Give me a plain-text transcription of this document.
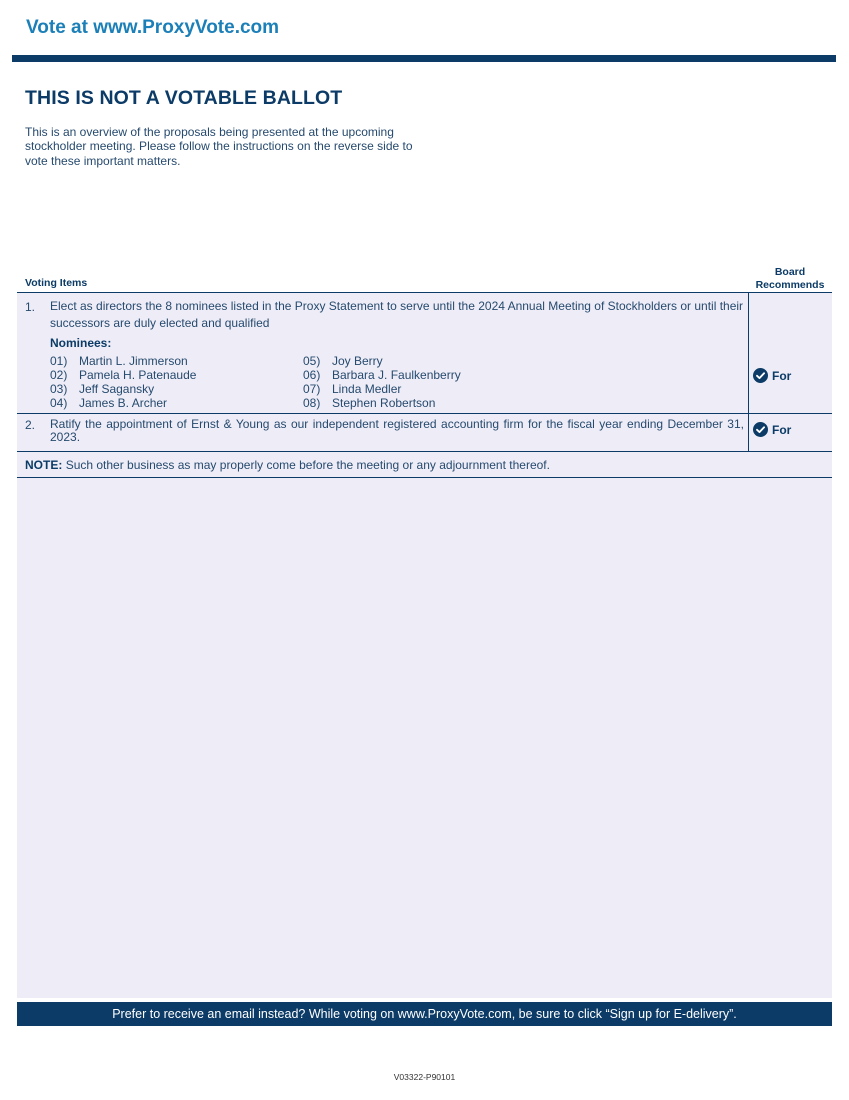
Vote at www.ProxyVote.com
THIS IS NOT A VOTABLE BALLOT
This is an overview of the proposals being presented at the upcoming stockholder meeting. Please follow the instructions on the reverse side to vote these important matters.
Voting Items
Board
Recommends
1. Elect as directors the 8 nominees listed in the Proxy Statement to serve until the 2024 Annual Meeting of Stockholders or until their successors are duly elected and qualified
Nominees:
01) Martin L. Jimmerson
02) Pamela H. Patenaude
03) Jeff Sagansky
04) James B. Archer
05) Joy Berry
06) Barbara J. Faulkenberry
07) Linda Medler
08) Stephen Robertson
For
2. Ratify the appointment of Ernst & Young as our independent registered accounting firm for the fiscal year ending December 31, 2023.
For
NOTE: Such other business as may properly come before the meeting or any adjournment thereof.
Prefer to receive an email instead? While voting on www.ProxyVote.com, be sure to click “Sign up for E-delivery”.
V03322-P90101
